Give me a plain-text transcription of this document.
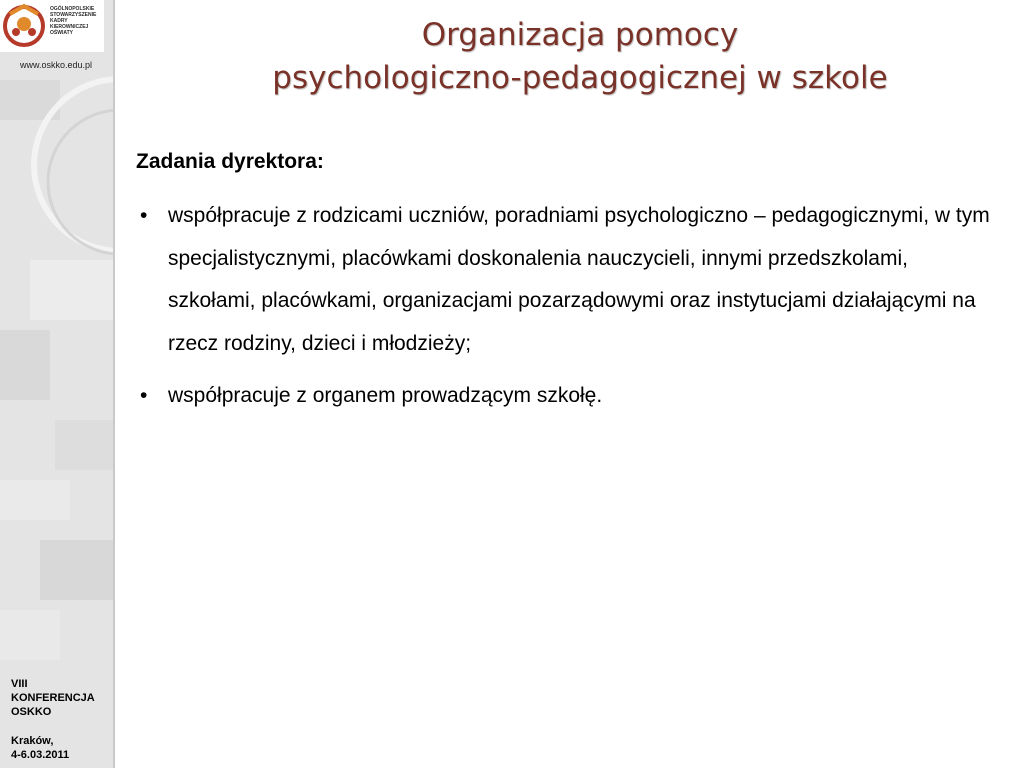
OGÓLNOPOLSKIE
STOWARZYSZENIE
KADRY
KIEROWNICZEJ
OŚWIATY
www.oskko.edu.pl
VIII
KONFERENCJA
OSKKO
Kraków,
4-6.03.2011
Organizacja pomocy
psychologiczno-pedagogicznej w szkole
Zadania dyrektora:
• współpracuje z rodzicami uczniów, poradniami psychologiczno – pedagogicznymi, w tym specjalistycznymi, placówkami doskonalenia nauczycieli, innymi przedszkolami, szkołami, placówkami, organizacjami pozarządowymi oraz instytucjami działającymi na rzecz rodziny, dzieci i młodzieży;
• współpracuje z organem prowadzącym szkołę.
